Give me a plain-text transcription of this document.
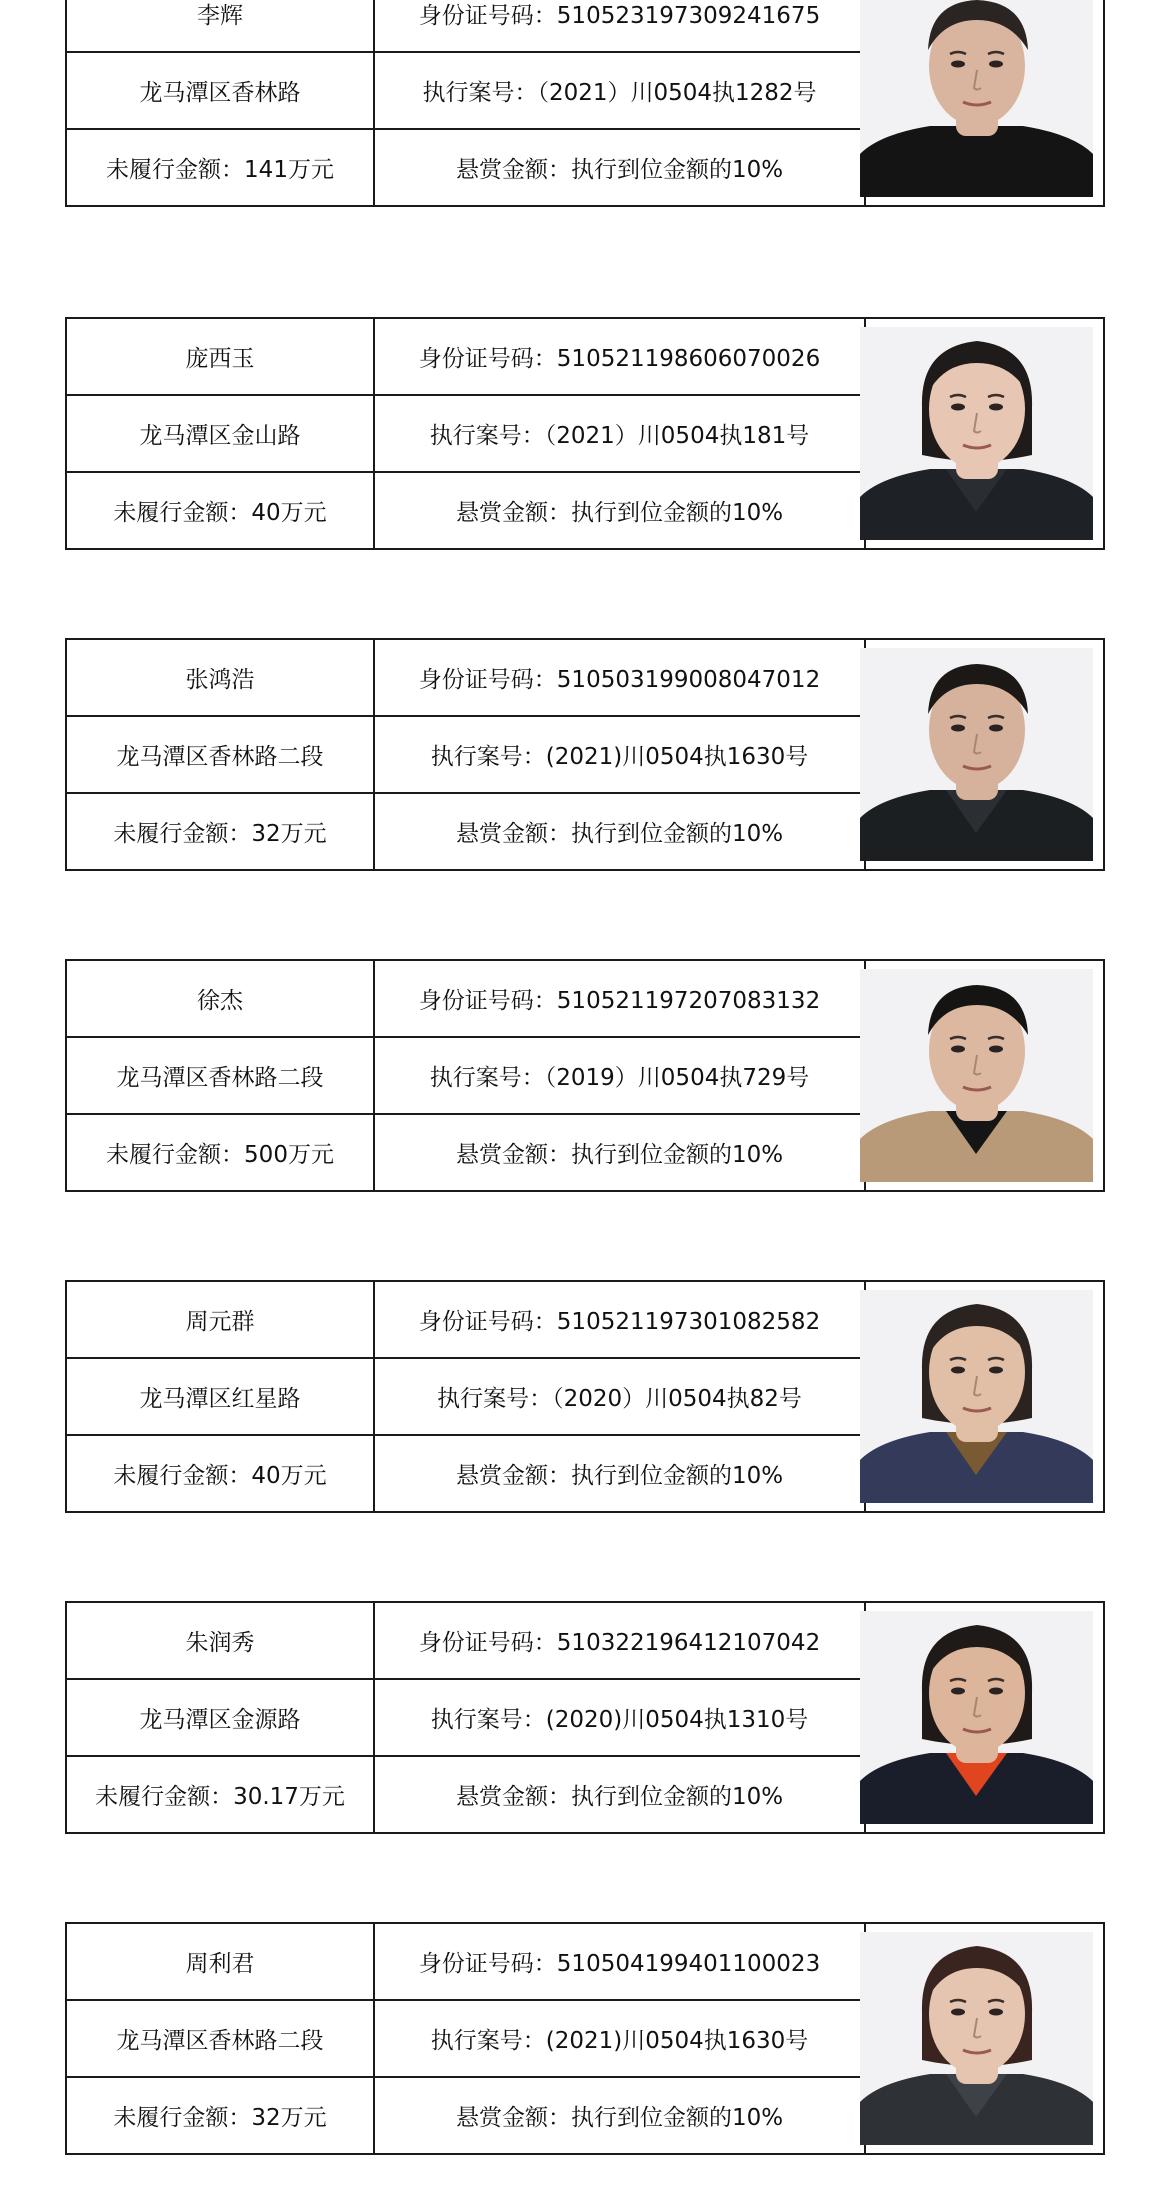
李辉	身份证号码：510523197309241675
龙马潭区香林路	执行案号：（2021）川0504执1282号
未履行金额：141万元	悬赏金额：执行到位金额的10%
庞西玉	身份证号码：510521198606070026
龙马潭区金山路	执行案号：（2021）川0504执181号
未履行金额：40万元	悬赏金额：执行到位金额的10%
张鸿浩	身份证号码：510503199008047012
龙马潭区香林路二段	执行案号：(2021)川0504执1630号
未履行金额：32万元	悬赏金额：执行到位金额的10%
徐杰	身份证号码：510521197207083132
龙马潭区香林路二段	执行案号：（2019）川0504执729号
未履行金额：500万元	悬赏金额：执行到位金额的10%
周元群	身份证号码：510521197301082582
龙马潭区红星路	执行案号：（2020）川0504执82号
未履行金额：40万元	悬赏金额：执行到位金额的10%
朱润秀	身份证号码：510322196412107042
龙马潭区金源路	执行案号：(2020)川0504执1310号
未履行金额：30.17万元	悬赏金额：执行到位金额的10%
周利君	身份证号码：510504199401100023
龙马潭区香林路二段	执行案号：(2021)川0504执1630号
未履行金额：32万元	悬赏金额：执行到位金额的10%
